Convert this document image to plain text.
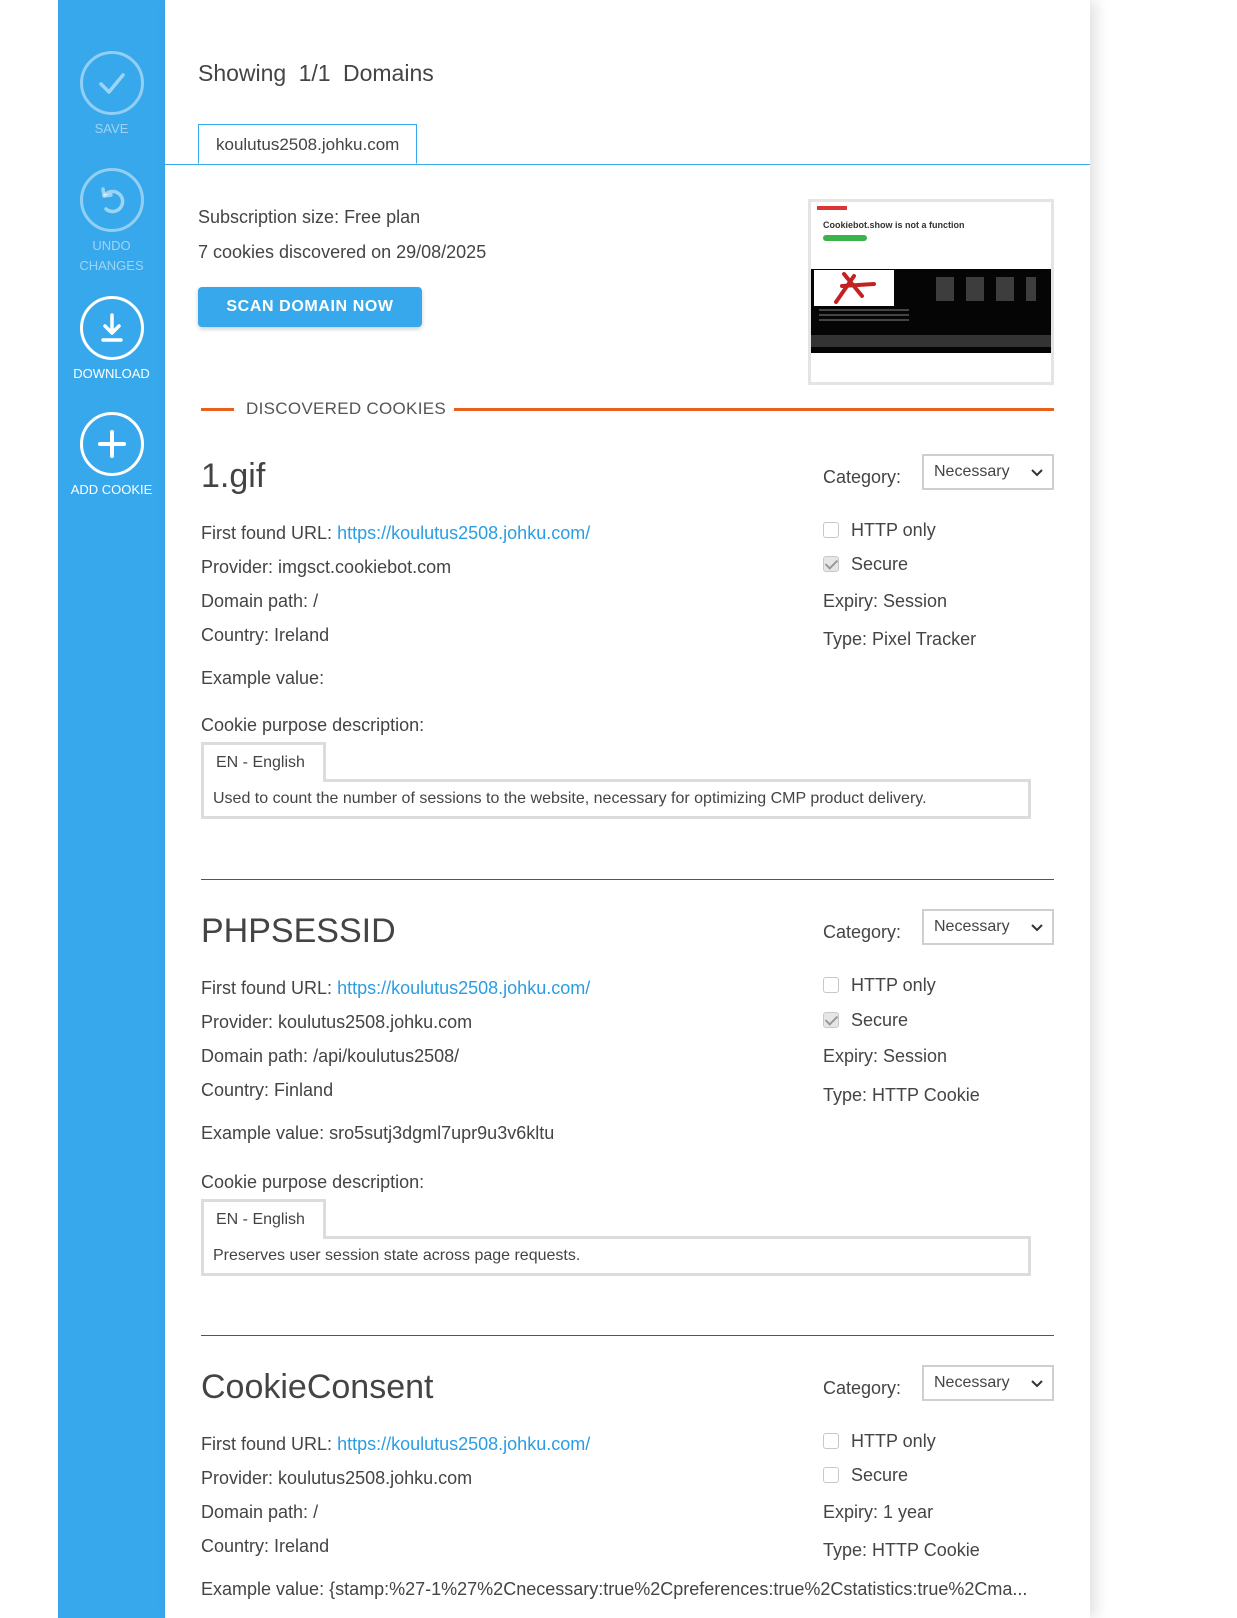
SAVE
UNDO CHANGES
DOWNLOAD
ADD COOKIE
Showing 1/1 Domains
koulutus2508.johku.com
Subscription size: Free plan
7 cookies discovered on 29/08/2025
SCAN DOMAIN NOW
Cookiebot.show is not a function
DISCOVERED COOKIES
1.gif	Category:	Necessary
First found URL: https://koulutus2508.johku.com/
Provider: imgsct.cookiebot.com
Domain path: /
Country: Ireland
Example value:
Cookie purpose description:
EN - English
Used to count the number of sessions to the website, necessary for optimizing CMP product delivery.
HTTP only
Secure
Expiry: Session
Type: Pixel Tracker
PHPSESSID	Category:	Necessary
First found URL: https://koulutus2508.johku.com/
Provider: koulutus2508.johku.com
Domain path: /api/koulutus2508/
Country: Finland
Example value: sro5sutj3dgml7upr9u3v6kltu
Cookie purpose description:
EN - English
Preserves user session state across page requests.
HTTP only
Secure
Expiry: Session
Type: HTTP Cookie
CookieConsent	Category:	Necessary
First found URL: https://koulutus2508.johku.com/
Provider: koulutus2508.johku.com
Domain path: /
Country: Ireland
Example value: {stamp:%27-1%27%2Cnecessary:true%2Cpreferences:true%2Cstatistics:true%2Cma...
HTTP only
Secure
Expiry: 1 year
Type: HTTP Cookie
